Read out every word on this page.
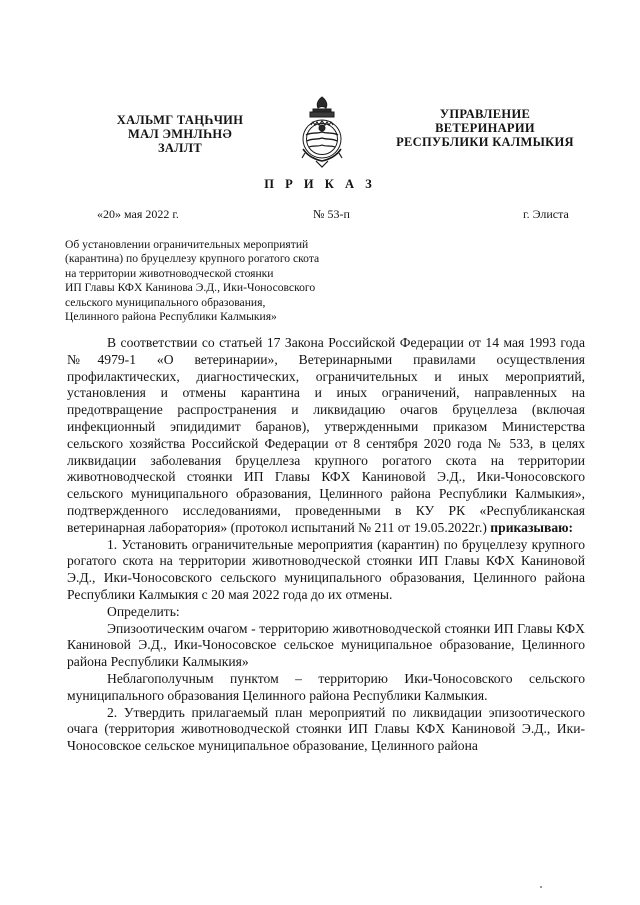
ХАЛЬМГ ТАҢҺЧИН
МАЛ ЭМНЛҺНƏ
ЗАЛЛТ
УПРАВЛЕНИЕ
ВЕТЕРИНАРИИ
РЕСПУБЛИКИ КАЛМЫКИЯ
П Р И К А З
«20» мая 2022 г.	№ 53-п	г. Элиста
Об установлении ограничительных мероприятий
(карантина) по бруцеллезу крупного рогатого скота
на территории животноводческой стоянки
ИП Главы КФХ Канинова Э.Д., Ики-Чоносовского
сельского муниципального образования,
Целинного района Республики Калмыкия»

В соответствии со статьей 17 Закона Российской Федерации от 14 мая 1993 года №4979-1 «О ветеринарии», Ветеринарными правилами осуществления профилактических, диагностических, ограничительных и иных мероприятий, установления и отмены карантина и иных ограничений, направленных на предотвращение распространения и ликвидацию очагов бруцеллеза (включая инфекционный эпидидимит баранов), утвержденными приказом Министерства сельского хозяйства Российской Федерации от 8 сентября 2020 года № 533, в целях ликвидации заболевания бруцеллеза крупного рогатого скота на территории животноводческой стоянки ИП Главы КФХ Каниновой Э.Д., Ики-Чоносовского сельского муниципального образования, Целинного района Республики Калмыкия», подтвержденного исследованиями, проведенными в КУ РК «Республиканская ветеринарная лаборатория» (протокол испытаний № 211 от 19.05.2022г.) приказываю:

1. Установить ограничительные мероприятия (карантин) по бруцеллезу крупного рогатого скота на территории животноводческой стоянки ИП Главы КФХ Каниновой Э.Д., Ики-Чоносовского сельского муниципального образования, Целинного района Республики Калмыкия с 20 мая 2022 года до их отмены.

Определить:

Эпизоотическим очагом - территорию животноводческой стоянки ИП Главы КФХ Каниновой Э.Д., Ики-Чоносовское сельское муниципальное образование, Целинного района Республики Калмыкия»

Неблагополучным пунктом – территорию Ики-Чоносовского сельского муниципального образования Целинного района Республики Калмыкия.

2. Утвердить прилагаемый план мероприятий по ликвидации эпизоотического очага (территория животноводческой стоянки ИП Главы КФХ Каниновой Э.Д., Ики-Чоносовское сельское муниципальное образование, Целинного района
